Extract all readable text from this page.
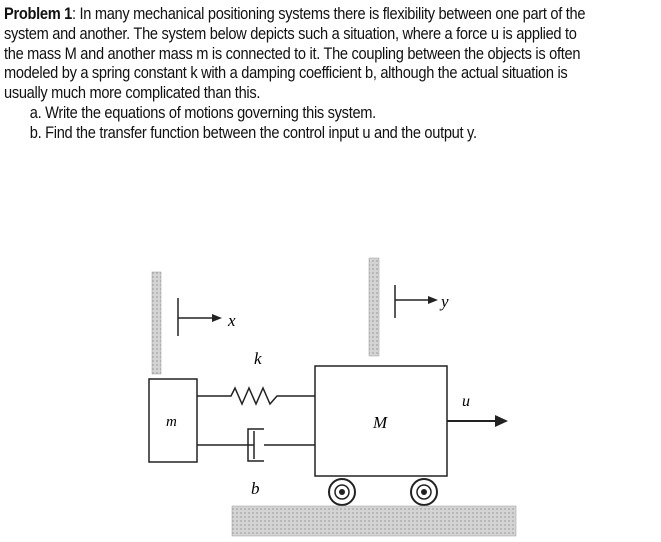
Problem 1: In many mechanical positioning systems there is flexibility between one part of the
system and another. The system below depicts such a situation, where a force u is applied to
the mass M and another mass m is connected to it. The coupling between the objects is often
modeled by a spring constant k with a damping coefficient b, although the actual situation is
usually much more complicated than this.
a. Write the equations of motions governing this system.
b. Find the transfer function between the control input u and the output y.
x
y
m
k
b
M
u
